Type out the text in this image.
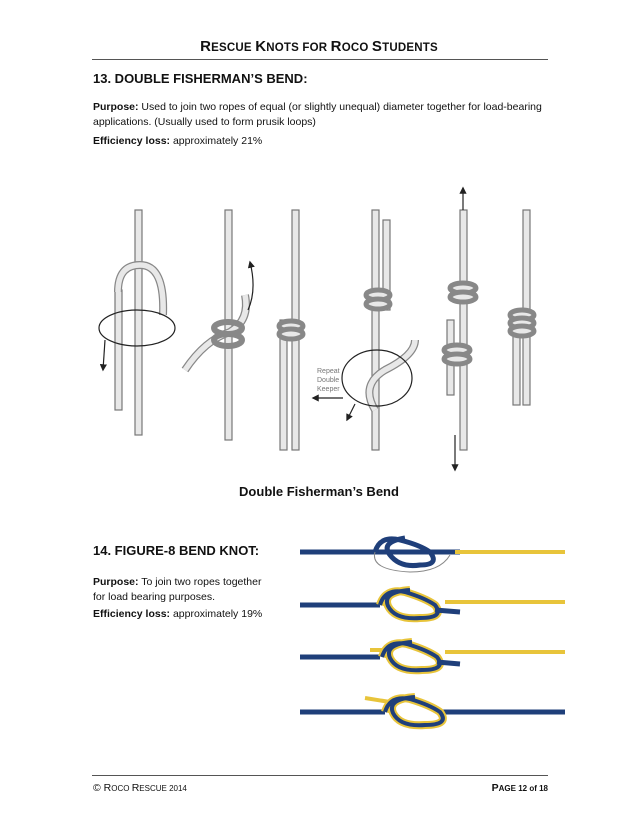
RESCUE KNOTS FOR ROCO STUDENTS
13. DOUBLE FISHERMAN’S BEND:
Purpose: Used to join two ropes of equal (or slightly unequal) diameter together for load-bearing applications. (Usually used to form prusik loops)
Efficiency loss: approximately 21%
Repeat
Double
Keeper
Double Fisherman’s Bend
14. FIGURE-8 BEND KNOT:
Purpose: To join two ropes together for load bearing purposes.
Efficiency loss: approximately 19%
© ROCO RESCUE 2014	PAGE 12 of 18
